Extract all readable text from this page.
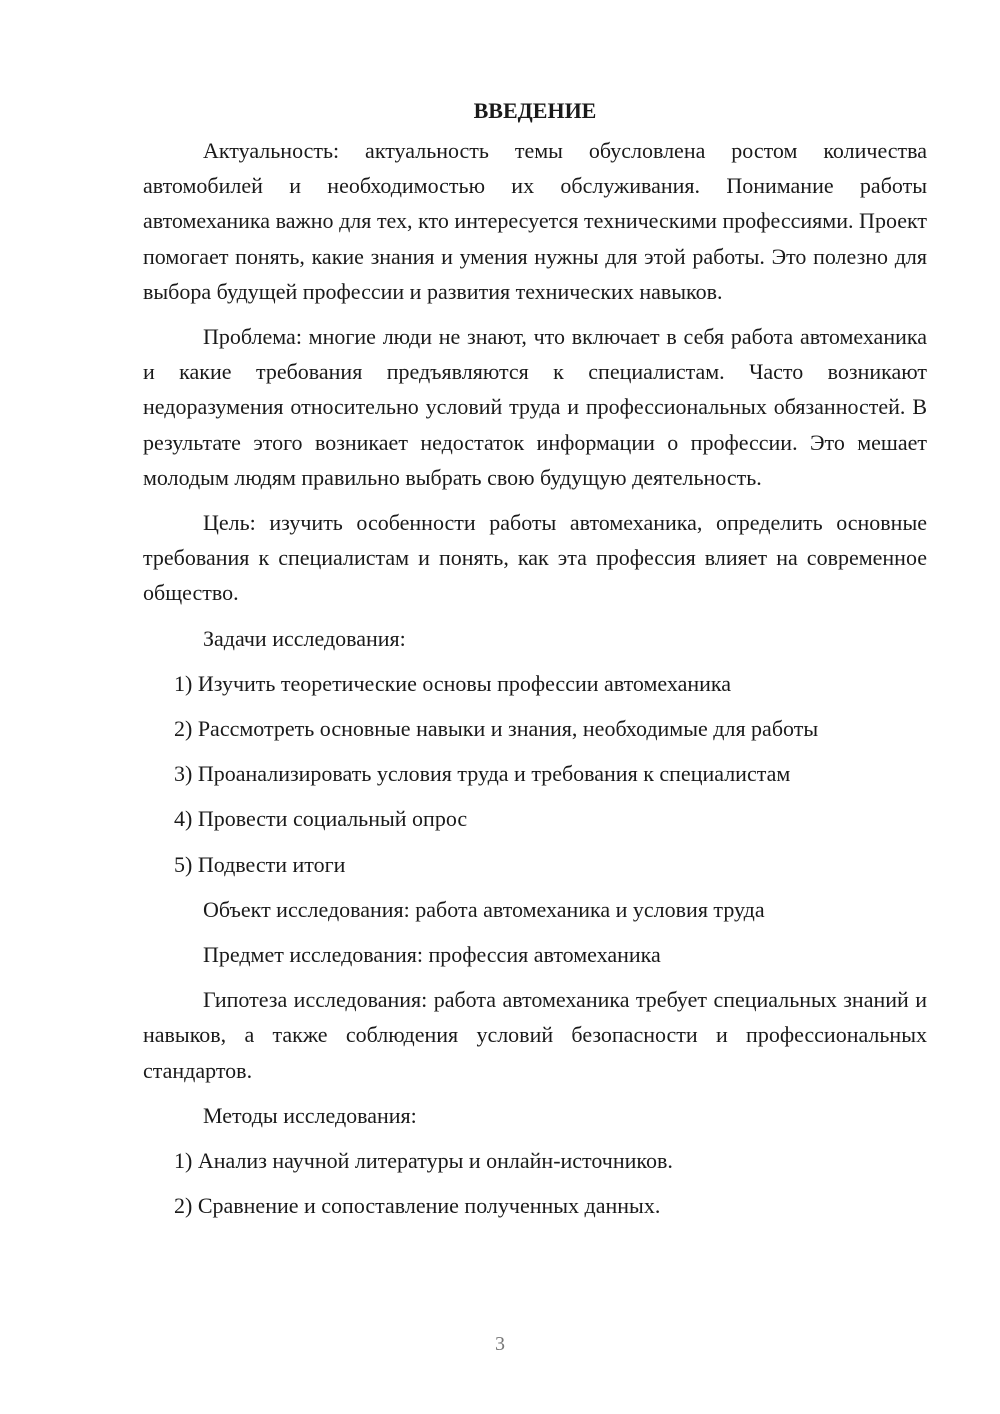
ВВЕДЕНИЕ

Актуальность: актуальность темы обусловлена ростом количества автомобилей и необходимостью их обслуживания. Понимание работы автомеханика важно для тех, кто интересуется техническими профессиями. Проект помогает понять, какие знания и умения нужны для этой работы. Это полезно для выбора будущей профессии и развития технических навыков.

Проблема: многие люди не знают, что включает в себя работа автомеханика и какие требования предъявляются к специалистам. Часто возникают недоразумения относительно условий труда и профессиональных обязанностей. В результате этого возникает недостаток информации о профессии. Это мешает молодым людям правильно выбрать свою будущую деятельность.

Цель: изучить особенности работы автомеханика, определить основные требования к специалистам и понять, как эта профессия влияет на современное общество.

Задачи исследования:
1) Изучить теоретические основы профессии автомеханика
2) Рассмотреть основные навыки и знания, необходимые для работы
3) Проанализировать условия труда и требования к специалистам
4) Провести социальный опрос
5) Подвести итоги
Объект исследования: работа автомеханика и условия труда
Предмет исследования: профессия автомеханика

Гипотеза исследования: работа автомеханика требует специальных знаний и навыков, а также соблюдения условий безопасности и профессиональных стандартов.

Методы исследования:
1) Анализ научной литературы и онлайн-источников.
2) Сравнение и сопоставление полученных данных.
3
